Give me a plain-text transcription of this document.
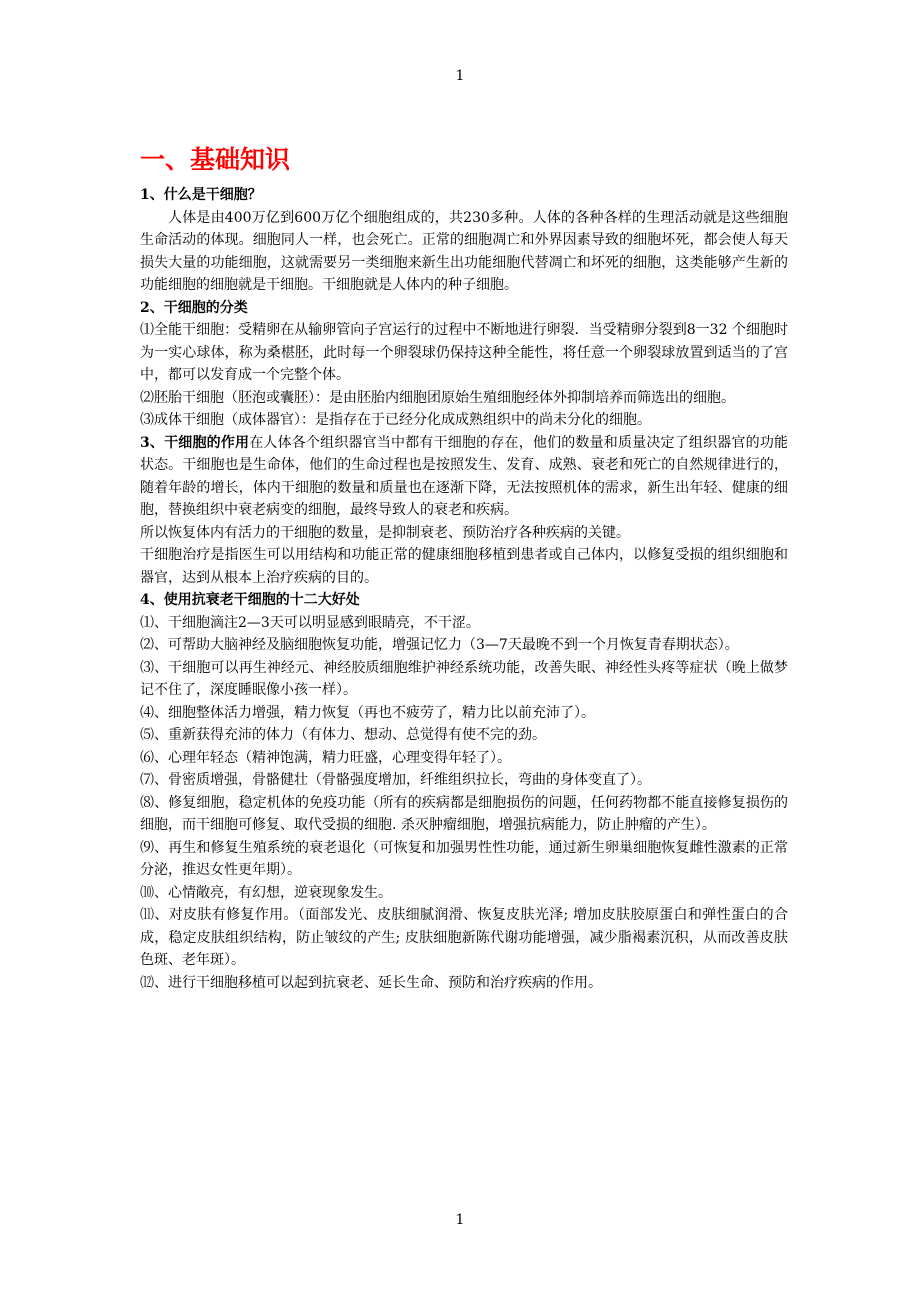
1
一、基础知识

1、什么是干细胞？

人体是由400万亿到600万亿个细胞组成的，共230多种。人体的各种各样的生理活动就是这些细胞生命活动的体现。细胞同人一样，也会死亡。正常的细胞凋亡和外界因素导致的细胞坏死，都会使人每天损失大量的功能细胞，这就需要另一类细胞来新生出功能细胞代替凋亡和坏死的细胞，这类能够产生新的功能细胞的细胞就是干细胞。干细胞就是人体内的种子细胞。

2、干细胞的分类

⑴全能干细胞：受精卵在从输卵管向子宫运行的过程中不断地进行卵裂．当受精卵分裂到8一32 个细胞时为一实心球体，称为桑椹胚，此时每一个卵裂球仍保持这种全能性，将任意一个卵裂球放置到适当的了宫中，都可以发育成一个完整个体。

⑵胚胎干细胞（胚泡或囊胚）：是由胚胎内细胞团原始生殖细胞经体外抑制培养而筛选出的细胞。

⑶成体干细胞（成体器官）：是指存在于已经分化成成熟组织中的尚未分化的细胞。

3、干细胞的作用在人体各个组织器官当中都有干细胞的存在，他们的数量和质量决定了组织器官的功能状态。干细胞也是生命体，他们的生命过程也是按照发生、发育、成熟、衰老和死亡的自然规律进行的，随着年龄的增长，体内干细胞的数量和质量也在逐渐下降，无法按照机体的需求，新生出年轻、健康的细胞，替换组织中衰老病变的细胞，最终导致人的衰老和疾病。

所以恢复体内有活力的干细胞的数量，是抑制衰老、预防治疗各种疾病的关键。

干细胞治疗是指医生可以用结构和功能正常的健康细胞移植到患者或自己体内，以修复受损的组织细胞和器官，达到从根本上治疗疾病的目的。

4、使用抗衰老干细胞的十二大好处

⑴、干细胞滴注2—3天可以明显感到眼睛亮，不干涩。

⑵、可帮助大脑神经及脑细胞恢复功能，增强记忆力（3—7天最晚不到一个月恢复青春期状态）。

⑶、干细胞可以再生神经元、神经胶质细胞维护神经系统功能，改善失眠、神经性头疼等症状（晚上做梦记不住了，深度睡眠像小孩一样）。

⑷、细胞整体活力增强，精力恢复（再也不疲劳了，精力比以前充沛了）。

⑸、重新获得充沛的体力（有体力、想动、总觉得有使不完的劲。

⑹、心理年轻态（精神饱满，精力旺盛，心理变得年轻了）。

⑺、骨密质增强，骨骼健壮（骨骼强度增加，纤维组织拉长，弯曲的身体变直了）。

⑻、修复细胞，稳定机体的免疫功能（所有的疾病都是细胞损伤的问题，任何药物都不能直接修复损伤的细胞，而干细胞可修复、取代受损的细胞. 杀灭肿瘤细胞，增强抗病能力，防止肿瘤的产生）。

⑼、再生和修复生殖系统的衰老退化（可恢复和加强男性性功能，通过新生卵巢细胞恢复雌性激素的正常分泌，推迟女性更年期）。

⑽、心情敞亮，有幻想，逆衰现象发生。

⑾、对皮肤有修复作用。（面部发光、皮肤细腻润滑、恢复皮肤光泽; 增加皮肤胶原蛋白和弹性蛋白的合成，稳定皮肤组织结构，防止皱纹的产生; 皮肤细胞新陈代谢功能增强，减少脂褐素沉积，从而改善皮肤色斑、老年斑）。

⑿、进行干细胞移植可以起到抗衰老、延长生命、预防和治疗疾病的作用。

1
